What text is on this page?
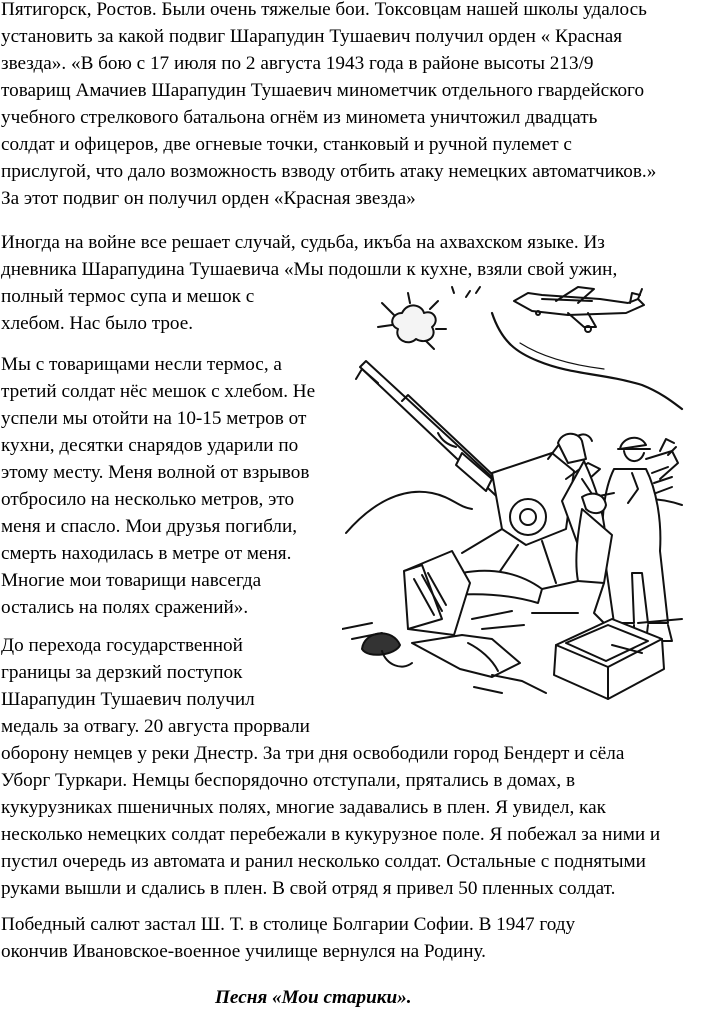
Пятигорск, Ростов. Были очень тяжелые бои. Токсовцам нашей школы удалось
установить за какой подвиг Шарапудин Тушаевич получил орден « Красная
звезда». «В бою с 17 июля по 2 августа 1943 года в районе высоты 213/9
товарищ Амачиев Шарапудин Тушаевич минометчик отдельного гвардейского
учебного стрелкового батальона огнём из миномета уничтожил двадцать
солдат и офицеров, две огневые точки, станковый и ручной пулемет с
прислугой, что дало возможность взводу отбить атаку немецких автоматчиков.»
За этот подвиг он получил орден «Красная звезда»
Иногда на войне все решает случай, судьба, икъба на ахвахском языке. Из
дневника Шарапудина Тушаевича «Мы подошли к кухне, взяли свой ужин,
полный термос супа и мешок с
хлебом. Нас было трое.
Мы с товарищами несли термос, а
третий солдат нёс мешок с хлебом. Не
успели мы отойти на 10-15 метров от
кухни, десятки снарядов ударили по
этому месту. Меня волной от взрывов
отбросило на несколько метров, это
меня и спасло. Мои друзья погибли,
смерть находилась в метре от меня.
Многие мои товарищи навсегда
остались на полях сражений».
До перехода государственной
границы за дерзкий поступок
Шарапудин Тушаевич получил
медаль за отвагу. 20 августа прорвали
оборону немцев у реки Днестр. За три дня освободили город Бендерт и сёла
Уборг Туркари. Немцы беспорядочно отступали, прятались в домах, в
кукурузниках пшеничных полях, многие задавались в плен. Я увидел, как
несколько немецких солдат перебежали в кукурузное поле. Я побежал за ними и
пустил очередь из автомата и ранил несколько солдат. Остальные с поднятыми
руками вышли и сдались в плен. В свой отряд я привел 50 пленных солдат.
Победный салют застал Ш. Т. в столице Болгарии Софии. В 1947 году
окончив Ивановское-военное училище вернулся на Родину.
Песня «Мои старики».
